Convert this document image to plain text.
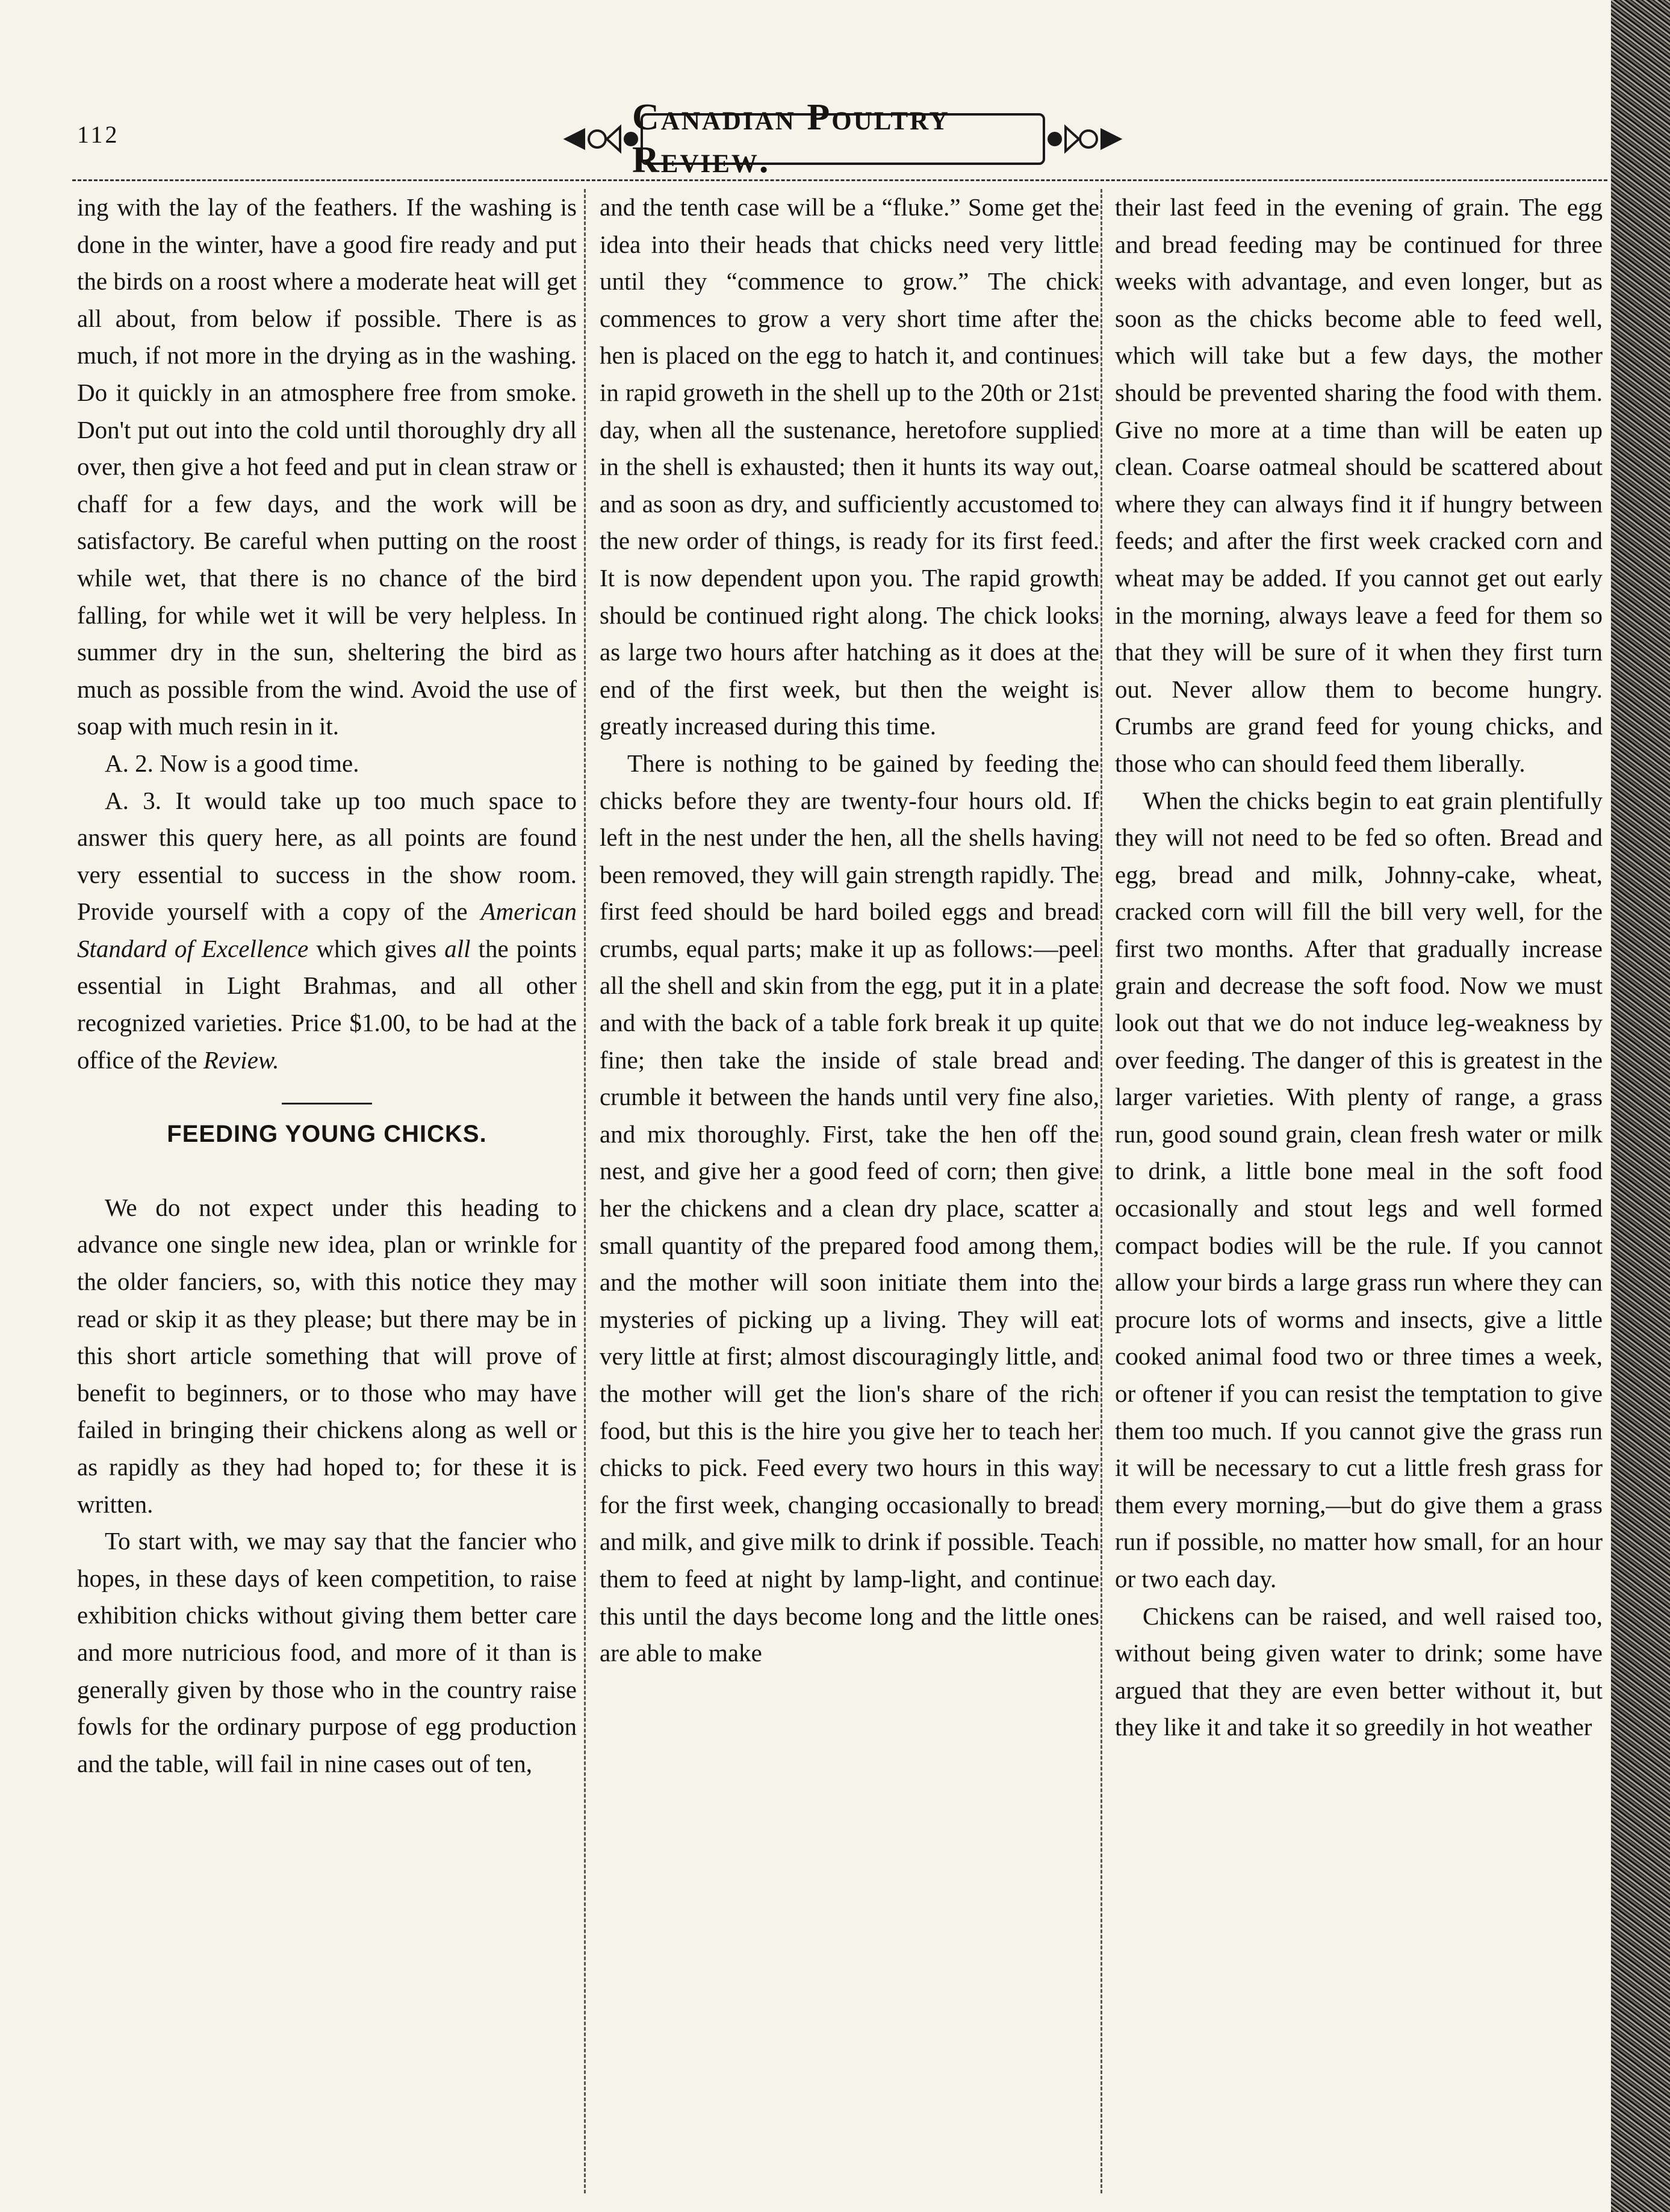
112	Canadian Poultry Review.

ing with the lay of the feathers. If the washing is done in the winter, have a good fire ready and put the birds on a roost where a moderate heat will get all about, from below if possible. There is as much, if not more in the drying as in the washing. Do it quickly in an atmosphere free from smoke. Don't put out into the cold until thoroughly dry all over, then give a hot feed and put in clean straw or chaff for a few days, and the work will be satisfactory. Be careful when putting on the roost while wet, that there is no chance of the bird falling, for while wet it will be very helpless. In summer dry in the sun, sheltering the bird as much as possible from the wind. Avoid the use of soap with much resin in it.

A. 2. Now is a good time.

A. 3. It would take up too much space to answer this query here, as all points are found very essential to success in the show room. Provide yourself with a copy of the American Standard of Excellence which gives all the points essential in Light Brahmas, and all other recognized varieties. Price $1.00, to be had at the office of the Review.

FEEDING YOUNG CHICKS.

We do not expect under this heading to advance one single new idea, plan or wrinkle for the older fanciers, so, with this notice they may read or skip it as they please; but there may be in this short article something that will prove of benefit to beginners, or to those who may have failed in bringing their chickens along as well or as rapidly as they had hoped to; for these it is written.

To start with, we may say that the fancier who hopes, in these days of keen competition, to raise exhibition chicks without giving them better care and more nutricious food, and more of it than is generally given by those who in the country raise fowls for the ordinary purpose of egg production and the table, will fail in nine cases out of ten,

and the tenth case will be a “fluke.” Some get the idea into their heads that chicks need very little until they “commence to grow.” The chick commences to grow a very short time after the hen is placed on the egg to hatch it, and continues in rapid groweth in the shell up to the 20th or 21st day, when all the sustenance, heretofore supplied in the shell is exhausted; then it hunts its way out, and as soon as dry, and sufficiently accustomed to the new order of things, is ready for its first feed. It is now dependent upon you. The rapid growth should be continued right along. The chick looks as large two hours after hatching as it does at the end of the first week, but then the weight is greatly increased during this time.

There is nothing to be gained by feeding the chicks before they are twenty-four hours old. If left in the nest under the hen, all the shells having been removed, they will gain strength rapidly. The first feed should be hard boiled eggs and bread crumbs, equal parts; make it up as follows:—peel all the shell and skin from the egg, put it in a plate and with the back of a table fork break it up quite fine; then take the inside of stale bread and crumble it between the hands until very fine also, and mix thoroughly. First, take the hen off the nest, and give her a good feed of corn; then give her the chickens and a clean dry place, scatter a small quantity of the prepared food among them, and the mother will soon initiate them into the mysteries of picking up a living. They will eat very little at first; almost discouragingly little, and the mother will get the lion's share of the rich food, but this is the hire you give her to teach her chicks to pick. Feed every two hours in this way for the first week, changing occasionally to bread and milk, and give milk to drink if possible. Teach them to feed at night by lamp-light, and continue this until the days become long and the little ones are able to make

their last feed in the evening of grain. The egg and bread feeding may be continued for three weeks with advantage, and even longer, but as soon as the chicks become able to feed well, which will take but a few days, the mother should be prevented sharing the food with them. Give no more at a time than will be eaten up clean. Coarse oatmeal should be scattered about where they can always find it if hungry between feeds; and after the first week cracked corn and wheat may be added. If you cannot get out early in the morning, always leave a feed for them so that they will be sure of it when they first turn out. Never allow them to become hungry. Crumbs are grand feed for young chicks, and those who can should feed them liberally.

When the chicks begin to eat grain plentifully they will not need to be fed so often. Bread and egg, bread and milk, Johnny-cake, wheat, cracked corn will fill the bill very well, for the first two months. After that gradually increase grain and decrease the soft food. Now we must look out that we do not induce leg-weakness by over feeding. The danger of this is greatest in the larger varieties. With plenty of range, a grass run, good sound grain, clean fresh water or milk to drink, a little bone meal in the soft food occasionally and stout legs and well formed compact bodies will be the rule. If you cannot allow your birds a large grass run where they can procure lots of worms and insects, give a little cooked animal food two or three times a week, or oftener if you can resist the temptation to give them too much. If you cannot give the grass run it will be necessary to cut a little fresh grass for them every morning,—but do give them a grass run if possible, no matter how small, for an hour or two each day.

Chickens can be raised, and well raised too, without being given water to drink; some have argued that they are even better without it, but they like it and take it so greedily in hot weather
